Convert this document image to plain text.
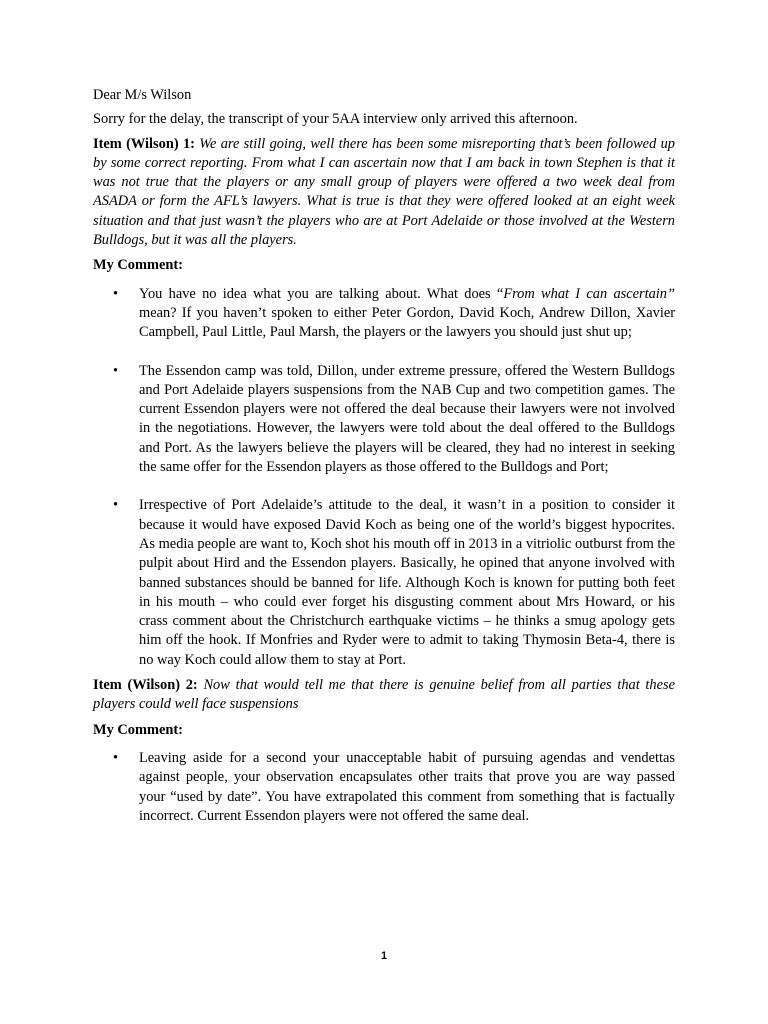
Dear M/s Wilson

Sorry for the delay, the transcript of your 5AA interview only arrived this afternoon.

Item (Wilson) 1: We are still going, well there has been some misreporting that’s been followed up by some correct reporting. From what I can ascertain now that I am back in town Stephen is that it was not true that the players or any small group of players were offered a two week deal from ASADA or form the AFL’s lawyers. What is true is that they were offered looked at an eight week situation and that just wasn’t the players who are at Port Adelaide or those involved at the Western Bulldogs, but it was all the players.

My Comment:

•	You have no idea what you are talking about. What does “From what I can ascertain” mean? If you haven’t spoken to either Peter Gordon, David Koch, Andrew Dillon, Xavier Campbell, Paul Little, Paul Marsh, the players or the lawyers you should just shut up;
•	The Essendon camp was told, Dillon, under extreme pressure, offered the Western Bulldogs and Port Adelaide players suspensions from the NAB Cup and two competition games. The current Essendon players were not offered the deal because their lawyers were not involved in the negotiations. However, the lawyers were told about the deal offered to the Bulldogs and Port. As the lawyers believe the players will be cleared, they had no interest in seeking the same offer for the Essendon players as those offered to the Bulldogs and Port;
•	Irrespective of Port Adelaide’s attitude to the deal, it wasn’t in a position to consider it because it would have exposed David Koch as being one of the world’s biggest hypocrites. As media people are want to, Koch shot his mouth off in 2013 in a vitriolic outburst from the pulpit about Hird and the Essendon players. Basically, he opined that anyone involved with banned substances should be banned for life. Although Koch is known for putting both feet in his mouth – who could ever forget his disgusting comment about Mrs Howard, or his crass comment about the Christchurch earthquake victims – he thinks a smug apology gets him off the hook. If Monfries and Ryder were to admit to taking Thymosin Beta-4, there is no way Koch could allow them to stay at Port.

Item (Wilson) 2: Now that would tell me that there is genuine belief from all parties that these players could well face suspensions

My Comment:

•	Leaving aside for a second your unacceptable habit of pursuing agendas and vendettas against people, your observation encapsulates other traits that prove you are way passed your “used by date”. You have extrapolated this comment from something that is factually incorrect. Current Essendon players were not offered the same deal.
1
